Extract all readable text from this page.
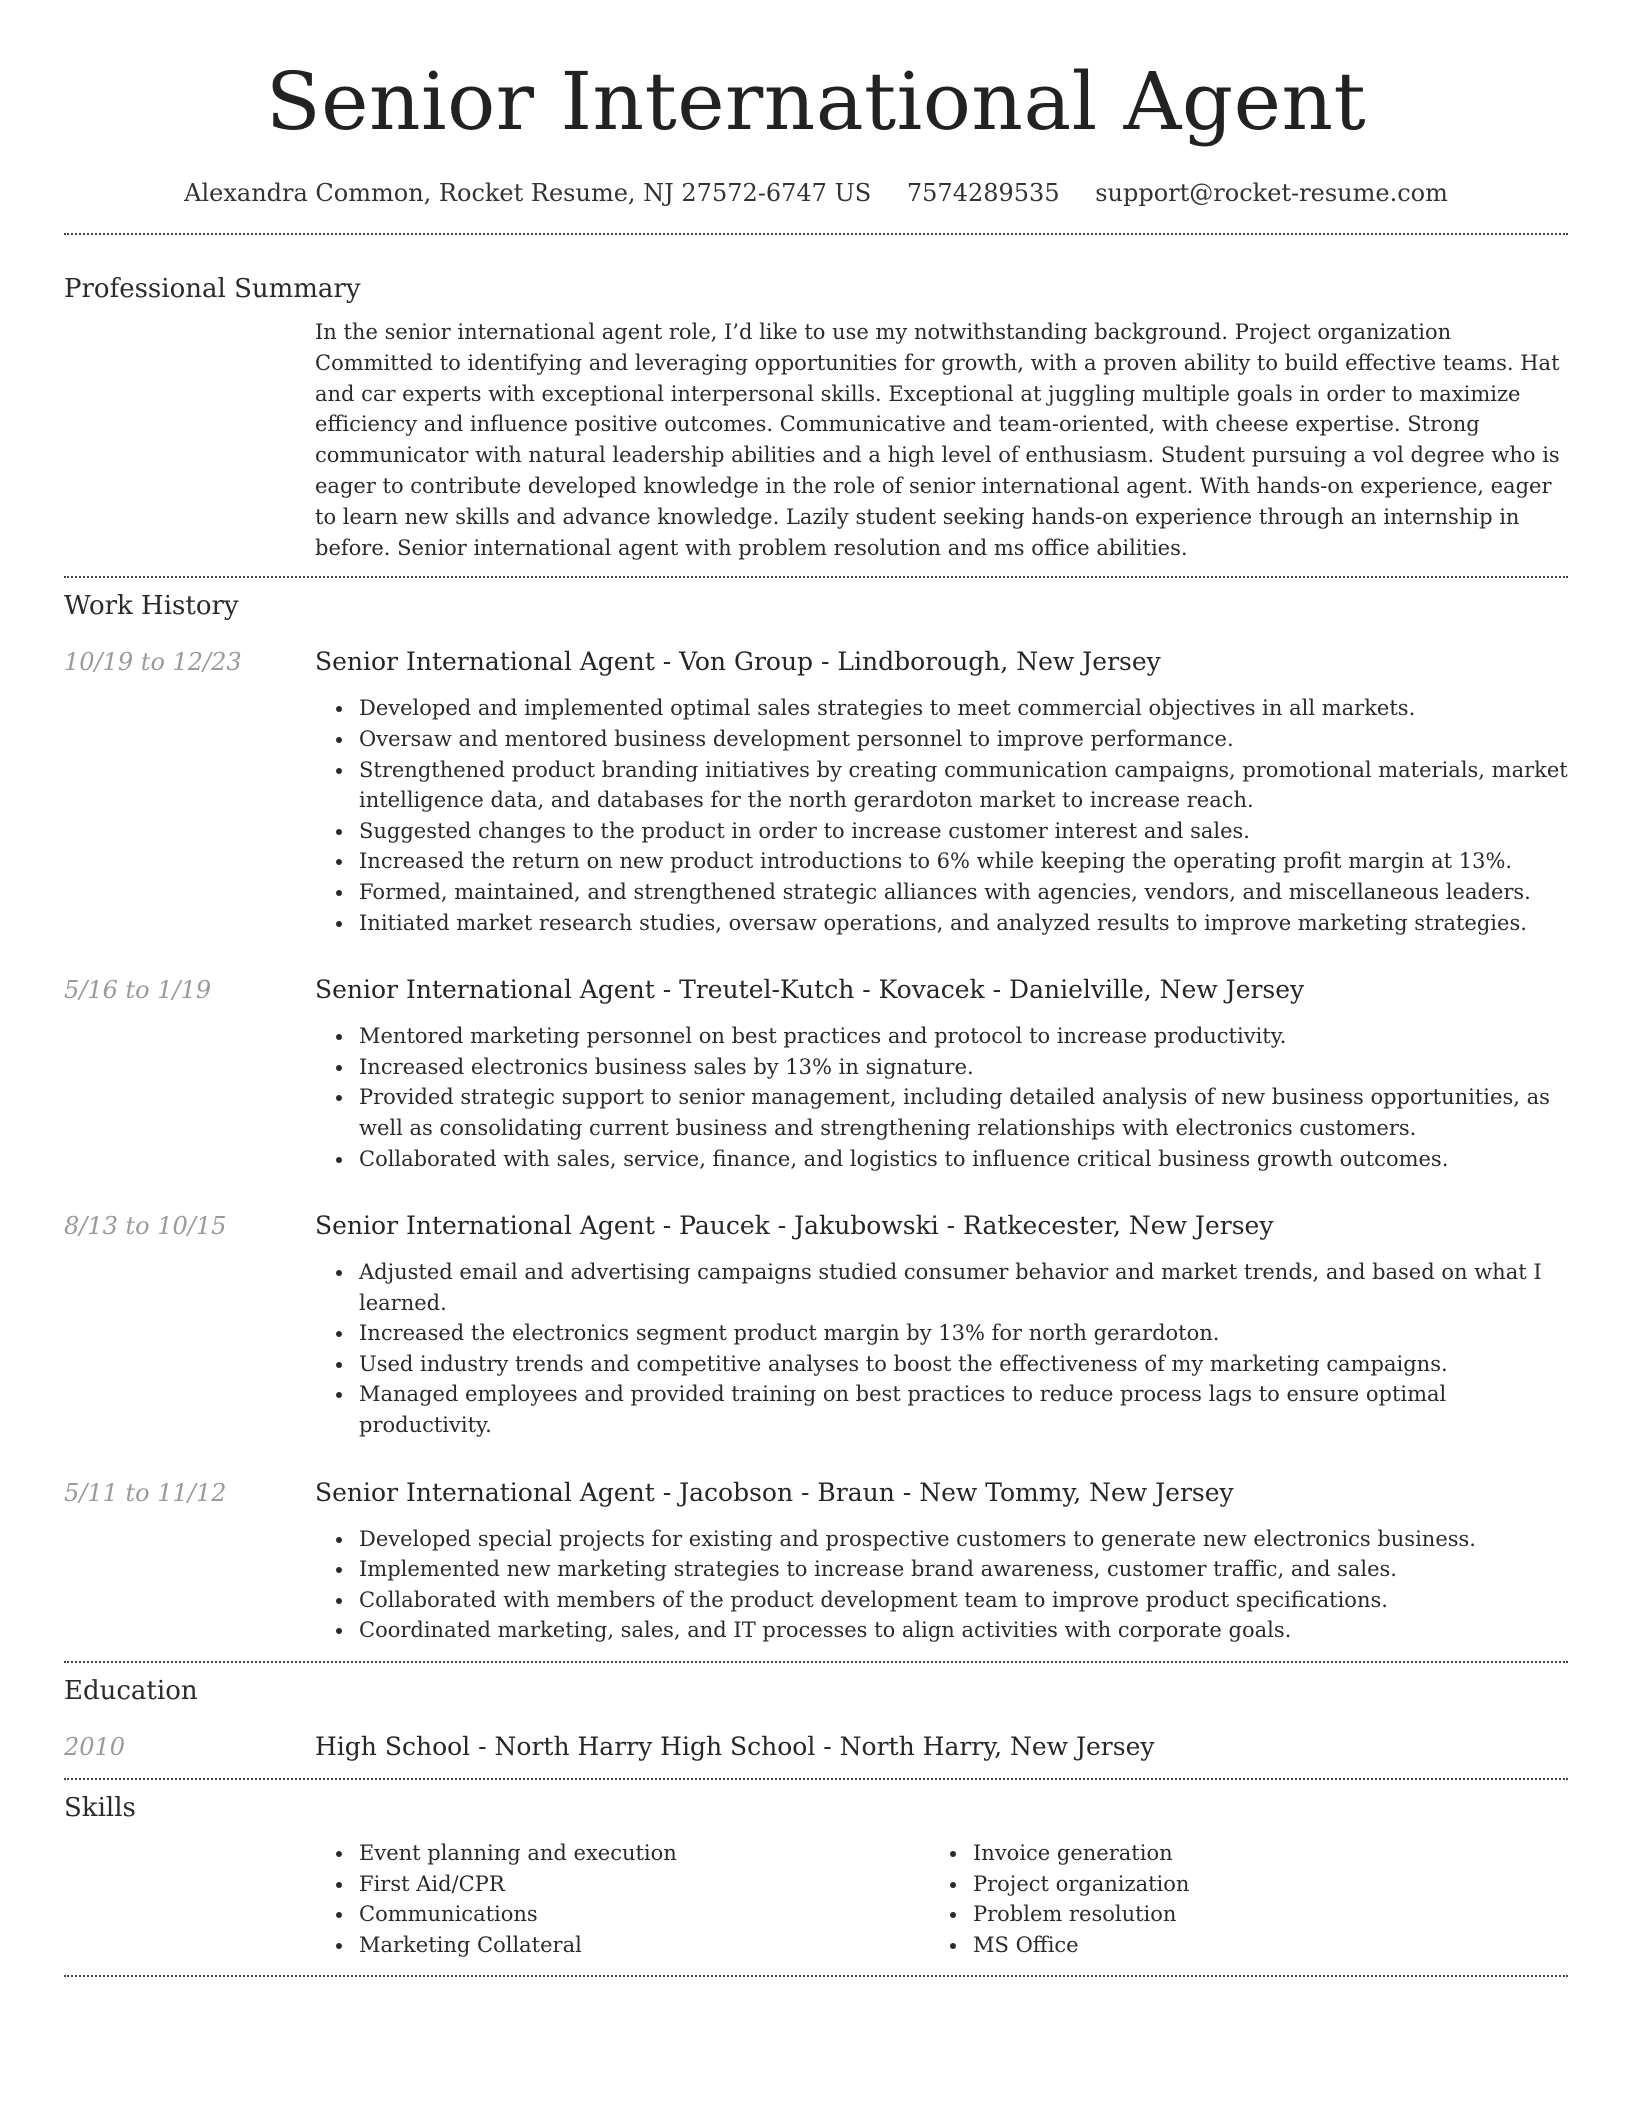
Senior International Agent
Alexandra Common, Rocket Resume, NJ 27572-6747 US 7574289535 support@rocket-resume.com
Professional Summary

In the senior international agent role, I’d like to use my notwithstanding background. Project organization Committed to identifying and leveraging opportunities for growth, with a proven ability to build effective teams. Hat and car experts with exceptional interpersonal skills. Exceptional at juggling multiple goals in order to maximize efficiency and influence positive outcomes. Communicative and team-oriented, with cheese expertise. Strong communicator with natural leadership abilities and a high level of enthusiasm. Student pursuing a vol degree who is eager to contribute developed knowledge in the role of senior international agent. With hands-on experience, eager to learn new skills and advance knowledge. Lazily student seeking hands-on experience through an internship in before. Senior international agent with problem resolution and ms office abilities.

Work History
10/19 to 12/23	Senior International Agent - Von Group - Lindborough, New Jersey
Developed and implemented optimal sales strategies to meet commercial objectives in all markets.
Oversaw and mentored business development personnel to improve performance.
Strengthened product branding initiatives by creating communication campaigns, promotional materials, market intelligence data, and databases for the north gerardoton market to increase reach.
Suggested changes to the product in order to increase customer interest and sales.
Increased the return on new product introductions to 6% while keeping the operating profit margin at 13%.
Formed, maintained, and strengthened strategic alliances with agencies, vendors, and miscellaneous leaders.
Initiated market research studies, oversaw operations, and analyzed results to improve marketing strategies.
5/16 to 1/19	Senior International Agent - Treutel-Kutch - Kovacek - Danielville, New Jersey
Mentored marketing personnel on best practices and protocol to increase productivity.
Increased electronics business sales by 13% in signature.
Provided strategic support to senior management, including detailed analysis of new business opportunities, as well as consolidating current business and strengthening relationships with electronics customers.
Collaborated with sales, service, finance, and logistics to influence critical business growth outcomes.
8/13 to 10/15	Senior International Agent - Paucek - Jakubowski - Ratkecester, New Jersey
Adjusted email and advertising campaigns studied consumer behavior and market trends, and based on what I learned.
Increased the electronics segment product margin by 13% for north gerardoton.
Used industry trends and competitive analyses to boost the effectiveness of my marketing campaigns.
Managed employees and provided training on best practices to reduce process lags to ensure optimal productivity.
5/11 to 11/12	Senior International Agent - Jacobson - Braun - New Tommy, New Jersey
Developed special projects for existing and prospective customers to generate new electronics business.
Implemented new marketing strategies to increase brand awareness, customer traffic, and sales.
Collaborated with members of the product development team to improve product specifications.
Coordinated marketing, sales, and IT processes to align activities with corporate goals.
Education
2010	High School - North Harry High School - North Harry, New Jersey
Skills
Event planning and execution
First Aid/CPR
Communications
Marketing Collateral
Invoice generation
Project organization
Problem resolution
MS Office
